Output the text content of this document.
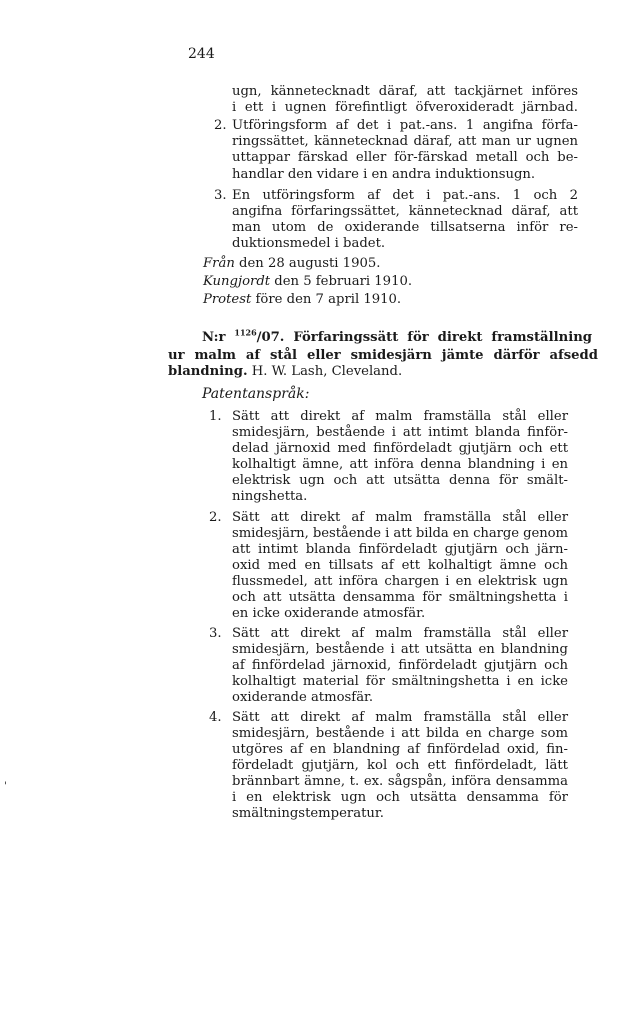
244
ugn, kännetecknadt däraf, att tackjärnet införes
i ett i ugnen förefintligt öfveroxideradt järnbad.
2. Utföringsform af det i pat.-ans. 1 angifna förfa-
ringssättet, kännetecknad däraf, att man ur ugnen
uttappar färskad eller för-färskad metall och be-
handlar den vidare i en andra induktionsugn.
3. En utföringsform af det i pat.-ans. 1 och 2
angifna förfaringssättet, kännetecknad däraf, att
man utom de oxiderande tillsatserna inför re-
duktionsmedel i badet.
Från den 28 augusti 1905.
Kungjordt den 5 februari 1910.
Protest före den 7 april 1910.
N:r $^{1126}$/07. Förfaringssätt för direkt framställning
ur malm af stål eller smidesjärn jämte därför afsedd
blandning. H. W. Lash, Cleveland.
Patentanspråk:
1. Sätt att direkt af malm framställa stål eller
smidesjärn, bestående i att intimt blanda finför-
delad järnoxid med finfördeladt gjutjärn och ett
kolhaltigt ämne, att införa denna blandning i en
elektrisk ugn och att utsätta denna för smält-
ningshetta.
2. Sätt att direkt af malm framställa stål eller
smidesjärn, bestående i att bilda en charge genom
att intimt blanda finfördeladt gjutjärn och järn-
oxid med en tillsats af ett kolhaltigt ämne och
flussmedel, att införa chargen i en elektrisk ugn
och att utsätta densamma för smältningshetta i
en icke oxiderande atmosfär.
3. Sätt att direkt af malm framställa stål eller
smidesjärn, bestående i att utsätta en blandning
af finfördelad järnoxid, finfördeladt gjutjärn och
kolhaltigt material för smältningshetta i en icke
oxiderande atmosfär.
4. Sätt att direkt af malm framställa stål eller
smidesjärn, bestående i att bilda en charge som
utgöres af en blandning af finfördelad oxid, fin-
fördeladt gjutjärn, kol och ett finfördeladt, lätt
brännbart ämne, t. ex. sågspån, införa densamma
i en elektrisk ugn och utsätta densamma för
smältningstemperatur.
'
